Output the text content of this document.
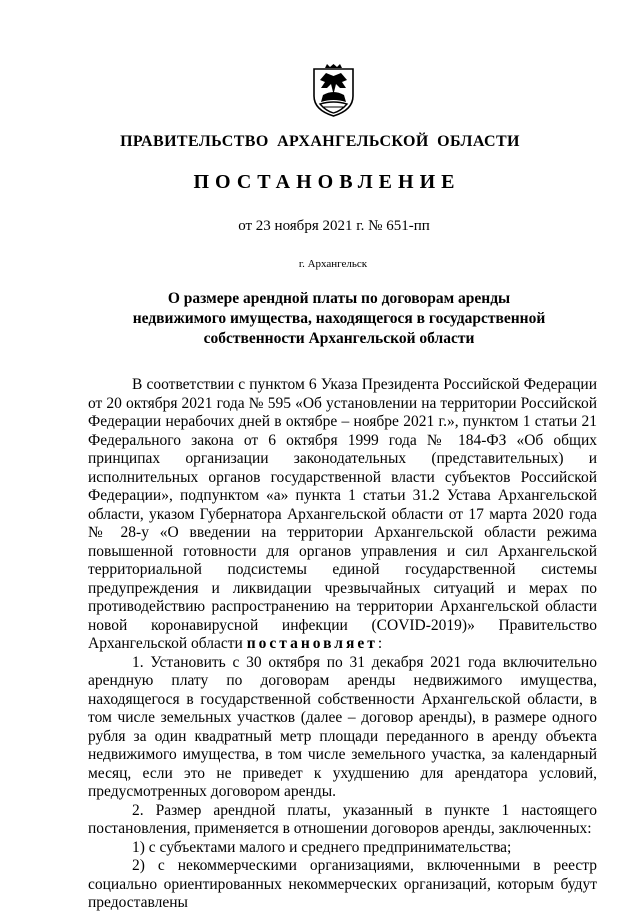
ПРАВИТЕЛЬСТВО АРХАНГЕЛЬСКОЙ ОБЛАСТИ
ПОСТАНОВЛЕНИЕ
от 23 ноября 2021 г. № 651-пп
г. Архангельск
О размере арендной платы по договорам аренды
недвижимого имущества, находящегося в государственной
собственности Архангельской области

В соответствии с пунктом 6 Указа Президента Российской Федерации от 20 октября 2021 года № 595 «Об установлении на территории Российской Федерации нерабочих дней в октябре – ноябре 2021 г.», пунктом 1 статьи 21 Федерального закона от 6 октября 1999 года № 184-ФЗ «Об общих принципах организации законодательных (представительных) и исполнительных органов государственной власти субъектов Российской Федерации», подпунктом «а» пункта 1 статьи 31.2 Устава Архангельской области, указом Губернатора Архангельской области от 17 марта 2020 года № 28-у «О введении на территории Архангельской области режима повышенной готовности для органов управления и сил Архангельской территориальной подсистемы единой государственной системы предупреждения и ликвидации чрезвычайных ситуаций и мерах по противодействию распространению на территории Архангельской области новой коронавирусной инфекции (COVID-2019)» Правительство Архангельской области постановляет:

1. Установить с 30 октября по 31 декабря 2021 года включительно арендную плату по договорам аренды недвижимого имущества, находящегося в государственной собственности Архангельской области, в том числе земельных участков (далее – договор аренды), в размере одного рубля за один квадратный метр площади переданного в аренду объекта недвижимого имущества, в том числе земельного участка, за календарный месяц, если это не приведет к ухудшению для арендатора условий, предусмотренных договором аренды.

2. Размер арендной платы, указанный в пункте 1 настоящего постановления, применяется в отношении договоров аренды, заключенных:

1) с субъектами малого и среднего предпринимательства;

2) с некоммерческими организациями, включенными в реестр социально ориентированных некоммерческих организаций, которым будут предоставлены
